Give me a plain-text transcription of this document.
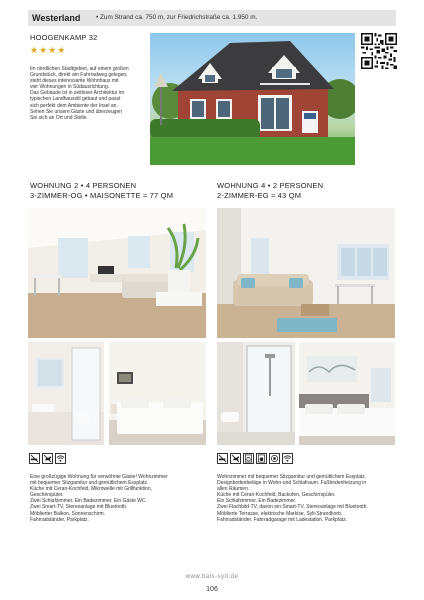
Westerland • Zum Strand ca. 750 m, zur Friedrichstraße ca. 1.950 m.
HOOGENKAMP 32
★★★★
Im nördlichen Stadtgebiet, auf einem großen
Grundstück, direkt am Fahrradweg gelegen,
steht dieses interessante Wohnhaus mit
vier Wohnungen in Südausrichtung.
Das Gebäude ist in zeitloser Architektur im
typischen Landhausstil gebaut und passt
sich perfekt dem Ambiente der Insel an.
Sehen Sie unsere Gäste und überzeugen
Sie sich an Ort und Stelle.
WOHNUNG 2 • 4 PERSONEN
3-ZIMMER-OG • MAISONETTE ≈ 77 QM
WOHNUNG 4 • 2 PERSONEN
2-ZIMMER-EG ≈ 43 QM
Eine großzügige Wohnung für verwöhnte Gäste! Wohnzimmer
mit bequemer Sitzgarnitur und gemütlichem Essplatz.
Küche mit Ceran-Kochfeld, Mikrowelle mit Grillfunktion,
Geschirrspüler.
Zwei Schlafzimmer. Ein Badezimmer. Ein Gäste WC.
Zwei Smart-TV, Stereoanlage mit Bluetooth.
Möblierter Balkon, Sonnenschirm.
Fahrradständer. Parkplatz.
Wohnzimmer mit bequemer Sitzgarnitur und gemütlichem Essplatz.
Designbodenbeläge in Wohn-und Schlafraum. Fußbodenheizung in
allen Räumen.
Küche mit Ceran-Kochfeld, Backofen, Geschirrspüler.
Ein Schlafzimmer. Ein Badezimmer.
Zwei Flachbild-TV, davon ein Smart-TV, Stereoanlage mit Bluetooth.
Möblierte Terrasse, elektrische Markise, Sylt-Strandkorb.
Fahrradständer. Fahrradgarage mit Ladestation. Parkplatz.
www.bals-sylt.de
106
